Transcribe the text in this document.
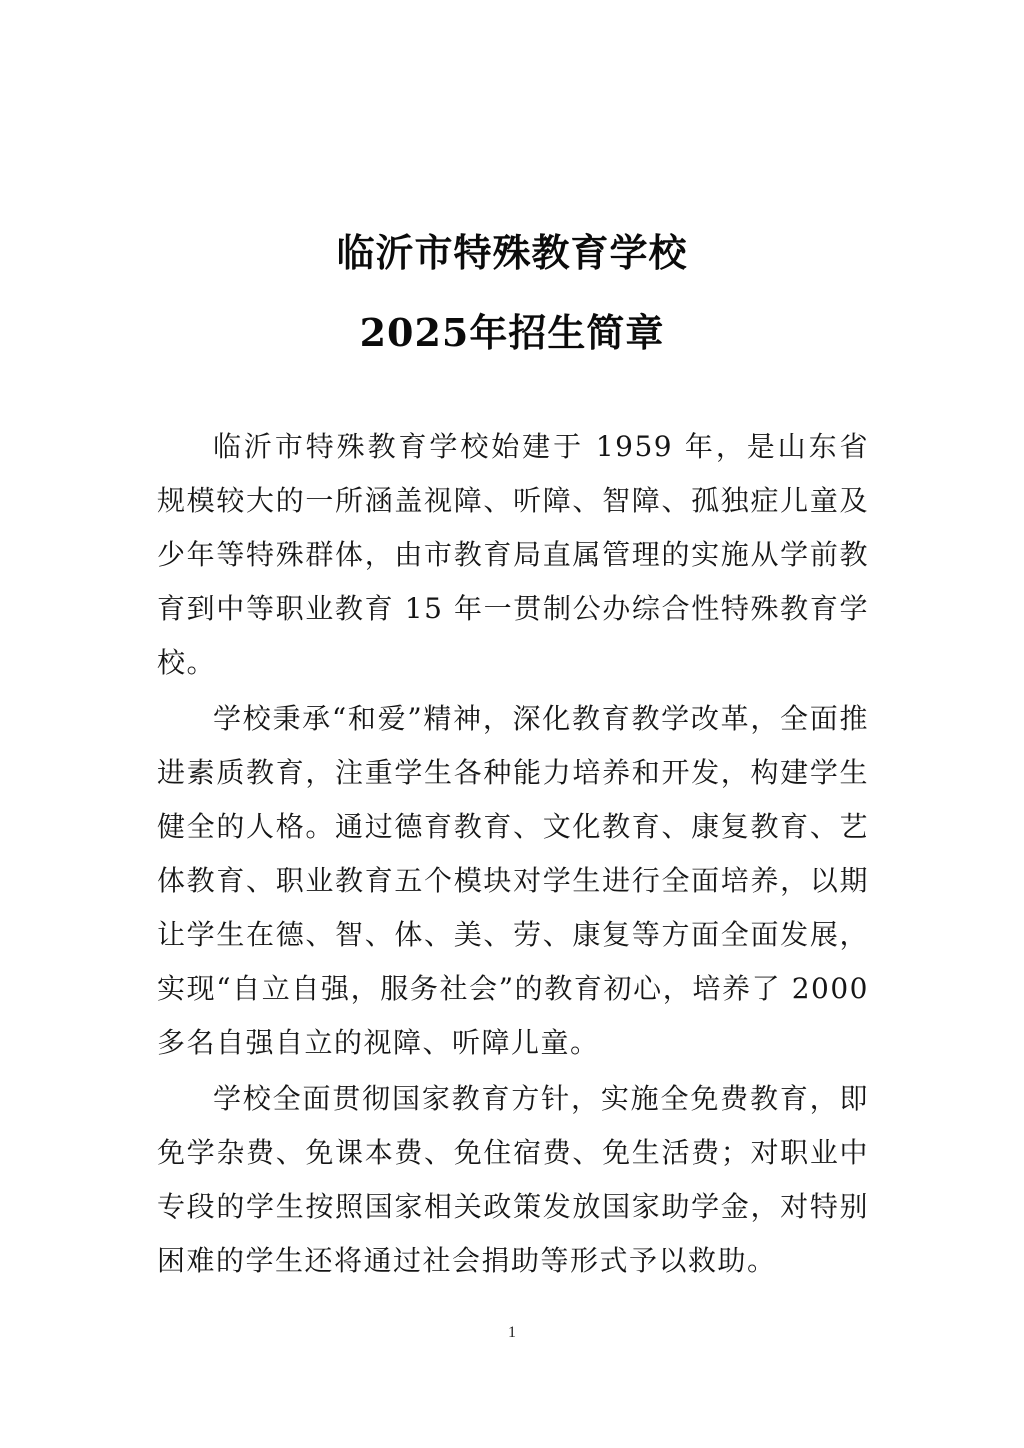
临沂市特殊教育学校
2025年招生简章

临沂市特殊教育学校始建于 1959 年，是山东省规模较大的一所涵盖视障、听障、智障、孤独症儿童及少年等特殊群体，由市教育局直属管理的实施从学前教育到中等职业教育 15 年一贯制公办综合性特殊教育学校。

学校秉承“和爱”精神，深化教育教学改革，全面推进素质教育，注重学生各种能力培养和开发，构建学生健全的人格。通过德育教育、文化教育、康复教育、艺体教育、职业教育五个模块对学生进行全面培养，以期让学生在德、智、体、美、劳、康复等方面全面发展，实现“自立自强，服务社会”的教育初心，培养了 2000 多名自强自立的视障、听障儿童。

学校全面贯彻国家教育方针，实施全免费教育，即免学杂费、免课本费、免住宿费、免生活费；对职业中专段的学生按照国家相关政策发放国家助学金，对特别困难的学生还将通过社会捐助等形式予以救助。

1
